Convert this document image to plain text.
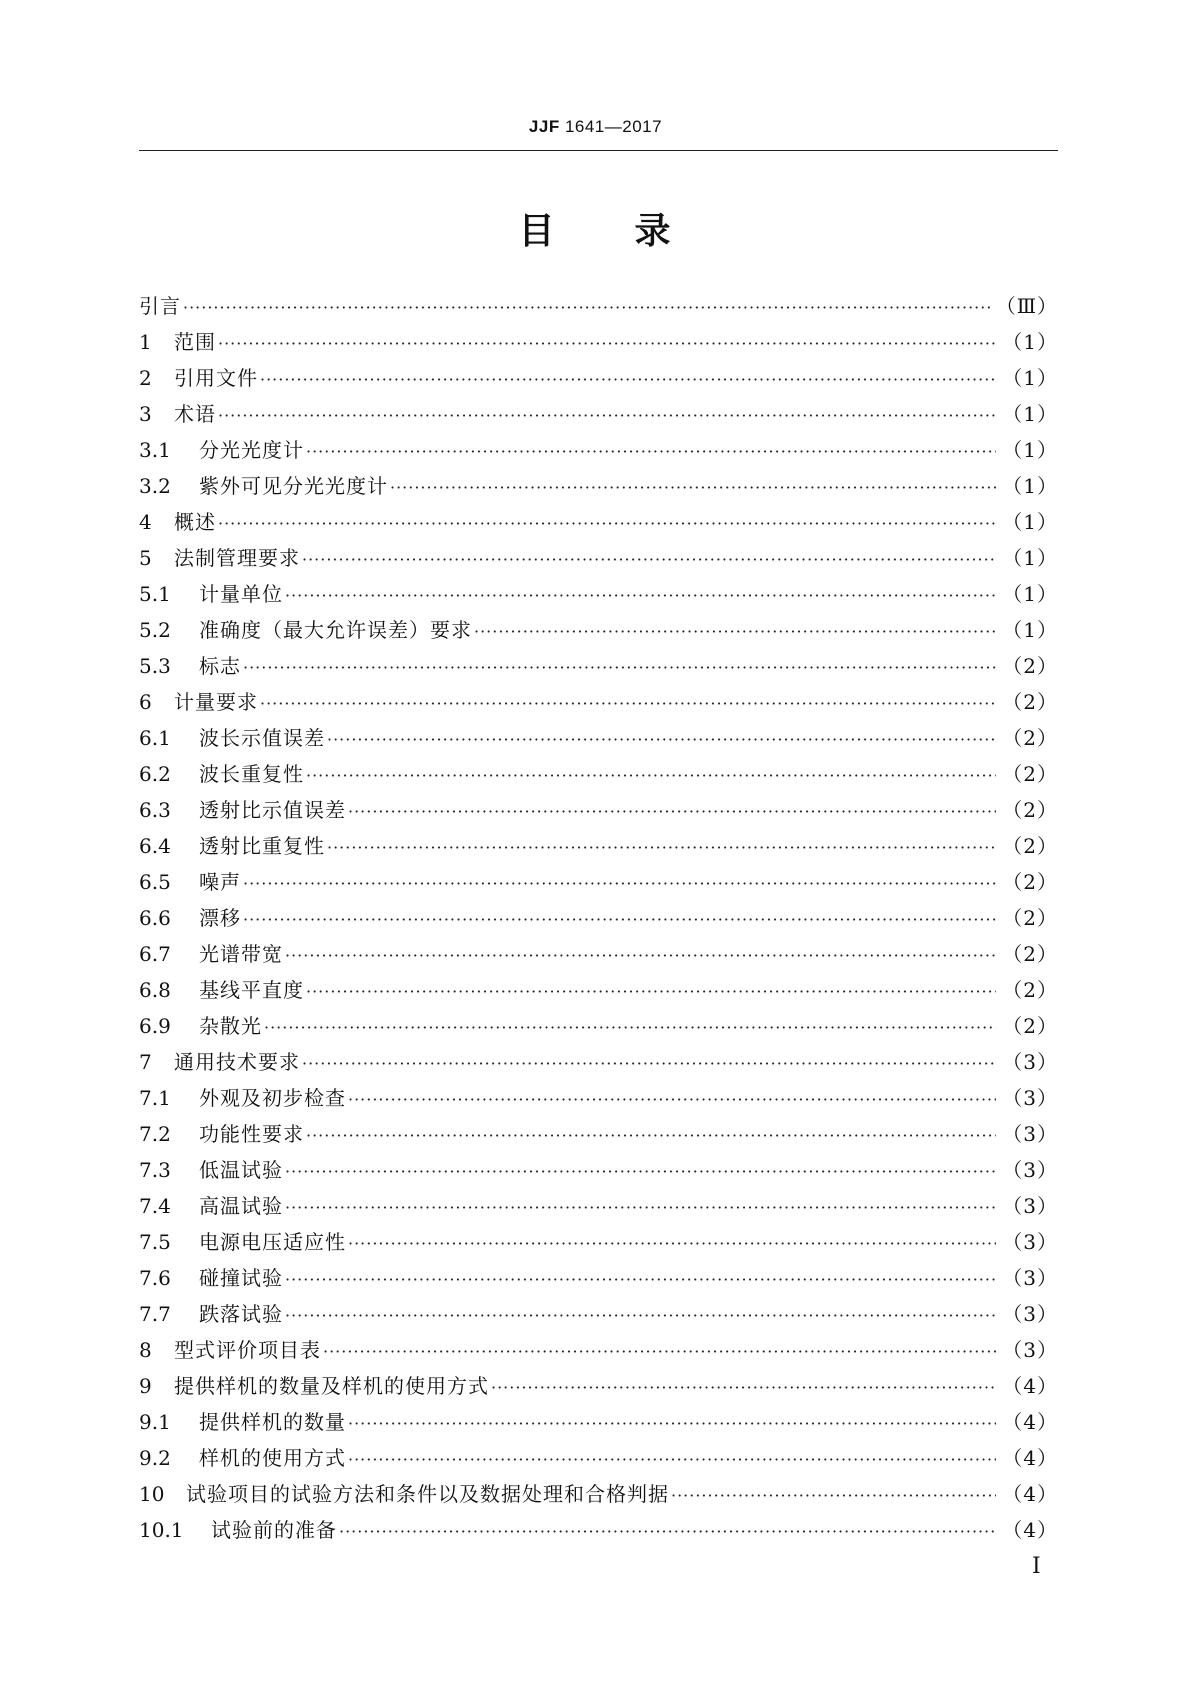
JJF 1641—2017
目 录
引言 ·····	（Ⅲ）
1	范围 ·····	（1）
2	引用文件 ·····	（1）
3	术语 ·····	（1）
3.1	分光光度计 ·····	（1）
3.2	紫外可见分光光度计 ·····	（1）
4	概述 ·····	（1）
5	法制管理要求 ·····	（1）
5.1	计量单位 ·····	（1）
5.2	准确度（最大允许误差）要求 ·····	（1）
5.3	标志 ·····	（2）
6	计量要求 ·····	（2）
6.1	波长示值误差 ·····	（2）
6.2	波长重复性 ·····	（2）
6.3	透射比示值误差 ·····	（2）
6.4	透射比重复性 ·····	（2）
6.5	噪声 ·····	（2）
6.6	漂移 ·····	（2）
6.7	光谱带宽 ·····	（2）
6.8	基线平直度 ·····	（2）
6.9	杂散光 ·····	（2）
7	通用技术要求 ·····	（3）
7.1	外观及初步检查 ·····	（3）
7.2	功能性要求 ·····	（3）
7.3	低温试验 ·····	（3）
7.4	高温试验 ·····	（3）
7.5	电源电压适应性 ·····	（3）
7.6	碰撞试验 ·····	（3）
7.7	跌落试验 ·····	（3）
8	型式评价项目表 ·····	（3）
9	提供样机的数量及样机的使用方式 ·····	（4）
9.1	提供样机的数量 ·····	（4）
9.2	样机的使用方式 ·····	（4）
10	试验项目的试验方法和条件以及数据处理和合格判据 ·····	（4）
10.1	试验前的准备 ·····	（4）
Ⅰ
